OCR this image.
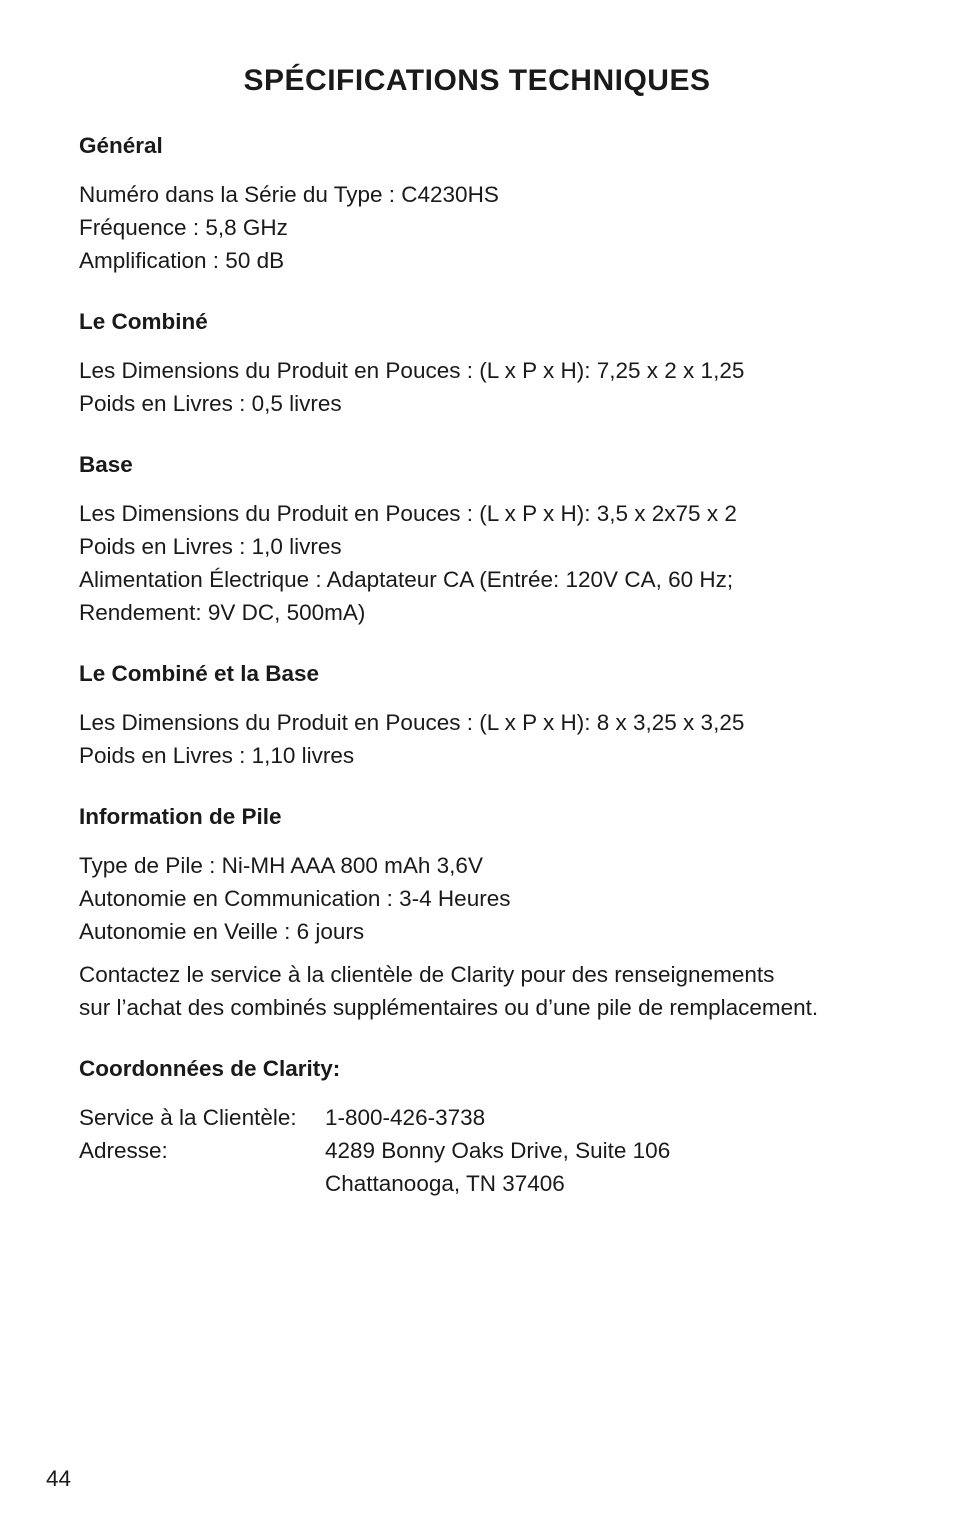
SPÉCIFICATIONS TECHNIQUES
Général

Numéro dans la Série du Type : C4230HS

Fréquence : 5,8 GHz

Amplification : 50 dB

Le Combiné

Les Dimensions du Produit en Pouces : (L x P x H): 7,25 x 2 x 1,25

Poids en Livres : 0,5 livres

Base

Les Dimensions du Produit en Pouces : (L x P x H): 3,5 x 2x75 x 2

Poids en Livres : 1,0 livres

Alimentation Électrique : Adaptateur CA (Entrée: 120V CA, 60 Hz;

Rendement: 9V DC, 500mA)

Le Combiné et la Base

Les Dimensions du Produit en Pouces : (L x P x H): 8 x 3,25 x 3,25

Poids en Livres : 1,10 livres

Information de Pile

Type de Pile : Ni-MH AAA 800 mAh 3,6V

Autonomie en Communication : 3-4 Heures

Autonomie en Veille : 6 jours

Contactez le service à la clientèle de Clarity pour des renseignements

sur l’achat des combinés supplémentaires ou d’une pile de remplacement.

Coordonnées de Clarity:
Service à la Clientèle:	1-800-426-3738
Adresse:	4289 Bonny Oaks Drive, Suite 106
Chattanooga, TN 37406

44
